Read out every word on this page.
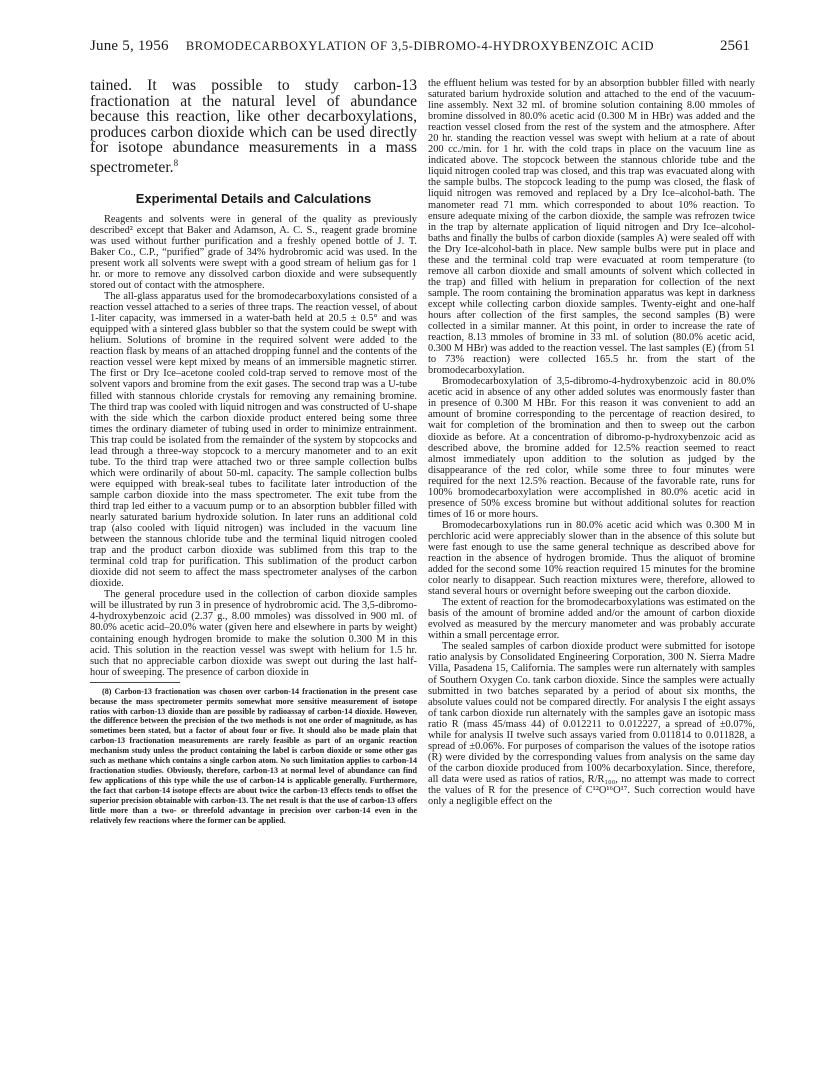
June 5, 1956	BROMODECARBOXYLATION OF 3,5-DIBROMO-4-HYDROXYBENZOIC ACID	2561

tained. It was possible to study carbon-13 fractionation at the natural level of abundance because this reaction, like other decarboxylations, produces carbon dioxide which can be used directly for isotope abundance measurements in a mass spectrometer.$^8$

Experimental Details and Calculations

Reagents and solvents were in general of the quality as previously described² except that Baker and Adamson, A. C. S., reagent grade bromine was used without further purification and a freshly opened bottle of J. T. Baker Co., C.P., “purified” grade of 34% hydrobromic acid was used. In the present work all solvents were swept with a good stream of helium gas for 1 hr. or more to remove any dissolved carbon dioxide and were subsequently stored out of contact with the atmosphere.

The all-glass apparatus used for the bromodecarboxylations consisted of a reaction vessel attached to a series of three traps. The reaction vessel, of about 1-liter capacity, was immersed in a water-bath held at 20.5 ± 0.5° and was equipped with a sintered glass bubbler so that the system could be swept with helium. Solutions of bromine in the required solvent were added to the reaction flask by means of an attached dropping funnel and the contents of the reaction vessel were kept mixed by means of an immersible magnetic stirrer. The first or Dry Ice–acetone cooled cold-trap served to remove most of the solvent vapors and bromine from the exit gases. The second trap was a U-tube filled with stannous chloride crystals for removing any remaining bromine. The third trap was cooled with liquid nitrogen and was constructed of U-shape with the side which the carbon dioxide product entered being some three times the ordinary diameter of tubing used in order to minimize entrainment. This trap could be isolated from the remainder of the system by stopcocks and lead through a three-way stopcock to a mercury manometer and to an exit tube. To the third trap were attached two or three sample collection bulbs which were ordinarily of about 50-ml. capacity. The sample collection bulbs were equipped with break-seal tubes to facilitate later introduction of the sample carbon dioxide into the mass spectrometer. The exit tube from the third trap led either to a vacuum pump or to an absorption bubbler filled with nearly saturated barium hydroxide solution. In later runs an additional cold trap (also cooled with liquid nitrogen) was included in the vacuum line between the stannous chloride tube and the terminal liquid nitrogen cooled trap and the product carbon dioxide was sublimed from this trap to the terminal cold trap for purification. This sublimation of the product carbon dioxide did not seem to affect the mass spectrometer analyses of the carbon dioxide.

The general procedure used in the collection of carbon dioxide samples will be illustrated by run 3 in presence of hydrobromic acid. The 3,5-dibromo-4-hydroxybenzoic acid (2.37 g., 8.00 mmoles) was dissolved in 900 ml. of 80.0% acetic acid–20.0% water (given here and elsewhere in parts by weight) containing enough hydrogen bromide to make the solution 0.300 M in this acid. This solution in the reaction vessel was swept with helium for 1.5 hr. such that no appreciable carbon dioxide was swept out during the last half-hour of sweeping. The presence of carbon dioxide in

(8) Carbon-13 fractionation was chosen over carbon-14 fractionation in the present case because the mass spectrometer permits somewhat more sensitive measurement of isotope ratios with carbon-13 dioxide than are possible by radioassay of carbon-14 dioxide. However, the difference between the precision of the two methods is not one order of magnitude, as has sometimes been stated, but a factor of about four or five. It should also be made plain that carbon-13 fractionation measurements are rarely feasible as part of an organic reaction mechanism study unless the product containing the label is carbon dioxide or some other gas such as methane which contains a single carbon atom. No such limitation applies to carbon-14 fractionation studies. Obviously, therefore, carbon-13 at normal level of abundance can find few applications of this type while the use of carbon-14 is applicable generally. Furthermore, the fact that carbon-14 isotope effects are about twice the carbon-13 effects tends to offset the superior precision obtainable with carbon-13. The net result is that the use of carbon-13 offers little more than a two- or threefold advantage in precision over carbon-14 even in the relatively few reactions where the former can be applied.

the effluent helium was tested for by an absorption bubbler filled with nearly saturated barium hydroxide solution and attached to the end of the vacuum-line assembly. Next 32 ml. of bromine solution containing 8.00 mmoles of bromine dissolved in 80.0% acetic acid (0.300 M in HBr) was added and the reaction vessel closed from the rest of the system and the atmosphere. After 20 hr. standing the reaction vessel was swept with helium at a rate of about 200 cc./min. for 1 hr. with the cold traps in place on the vacuum line as indicated above. The stopcock between the stannous chloride tube and the liquid nitrogen cooled trap was closed, and this trap was evacuated along with the sample bulbs. The stopcock leading to the pump was closed, the flask of liquid nitrogen was removed and replaced by a Dry Ice–alcohol-bath. The manometer read 71 mm. which corresponded to about 10% reaction. To ensure adequate mixing of the carbon dioxide, the sample was refrozen twice in the trap by alternate application of liquid nitrogen and Dry Ice–alcohol-baths and finally the bulbs of carbon dioxide (samples A) were sealed off with the Dry Ice-alcohol-bath in place. New sample bulbs were put in place and these and the terminal cold trap were evacuated at room temperature (to remove all carbon dioxide and small amounts of solvent which collected in the trap) and filled with helium in preparation for collection of the next sample. The room containing the bromination apparatus was kept in darkness except while collecting carbon dioxide samples. Twenty-eight and one-half hours after collection of the first samples, the second samples (B) were collected in a similar manner. At this point, in order to increase the rate of reaction, 8.13 mmoles of bromine in 33 ml. of solution (80.0% acetic acid, 0.300 M HBr) was added to the reaction vessel. The last samples (E) (from 51 to 73% reaction) were collected 165.5 hr. from the start of the bromodecarboxylation.

Bromodecarboxylation of 3,5-dibromo-4-hydroxybenzoic acid in 80.0% acetic acid in absence of any other added solutes was enormously faster than in presence of 0.300 M HBr. For this reason it was convenient to add an amount of bromine corresponding to the percentage of reaction desired, to wait for completion of the bromination and then to sweep out the carbon dioxide as before. At a concentration of dibromo-p-hydroxybenzoic acid as described above, the bromine added for 12.5% reaction seemed to react almost immediately upon addition to the solution as judged by the disappearance of the red color, while some three to four minutes were required for the next 12.5% reaction. Because of the favorable rate, runs for 100% bromodecarboxylation were accomplished in 80.0% acetic acid in presence of 50% excess bromine but without additional solutes for reaction times of 16 or more hours.

Bromodecarboxylations run in 80.0% acetic acid which was 0.300 M in perchloric acid were appreciably slower than in the absence of this solute but were fast enough to use the same general technique as described above for reaction in the absence of hydrogen bromide. Thus the aliquot of bromine added for the second some 10% reaction required 15 minutes for the bromine color nearly to disappear. Such reaction mixtures were, therefore, allowed to stand several hours or overnight before sweeping out the carbon dioxide.

The extent of reaction for the bromodecarboxylations was estimated on the basis of the amount of bromine added and/or the amount of carbon dioxide evolved as measured by the mercury manometer and was probably accurate within a small percentage error.

The sealed samples of carbon dioxide product were submitted for isotope ratio analysis by Consolidated Engineering Corporation, 300 N. Sierra Madre Villa, Pasadena 15, California. The samples were run alternately with samples of Southern Oxygen Co. tank carbon dioxide. Since the samples were actually submitted in two batches separated by a period of about six months, the absolute values could not be compared directly. For analysis I the eight assays of tank carbon dioxide run alternately with the samples gave an isotopic mass ratio R (mass 45/mass 44) of 0.012211 to 0.012227, a spread of ±0.07%, while for analysis II twelve such assays varied from 0.011814 to 0.011828, a spread of ±0.06%. For purposes of comparison the values of the isotope ratios (R) were divided by the corresponding values from analysis on the same day of the carbon dioxide produced from 100% decarboxylation. Since, therefore, all data were used as ratios of ratios, R/R₁₀₀, no attempt was made to correct the values of R for the presence of C¹²O¹⁶O¹⁷. Such correction would have only a negligible effect on the
